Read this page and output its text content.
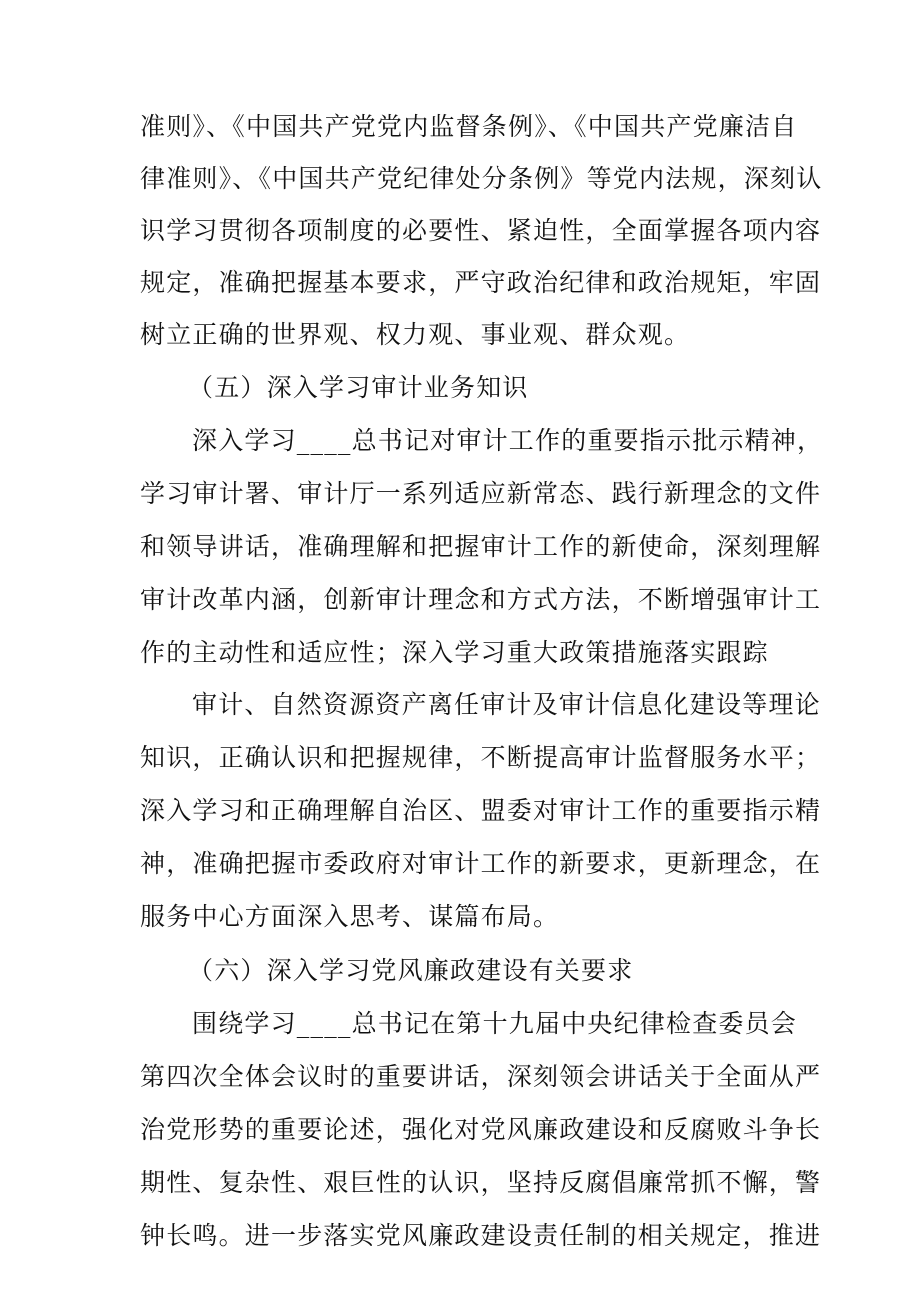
准则》、《中国共产党党内监督条例》、《中国共产党廉洁自
律准则》、《中国共产党纪律处分条例》等党内法规，深刻认
识学习贯彻各项制度的必要性、紧迫性，全面掌握各项内容
规定，准确把握基本要求，严守政治纪律和政治规矩，牢固
树立正确的世界观、权力观、事业观、群众观。
（五）深入学习审计业务知识
深入学习____总书记对审计工作的重要指示批示精神，
学习审计署、审计厅一系列适应新常态、践行新理念的文件
和领导讲话，准确理解和把握审计工作的新使命，深刻理解
审计改革内涵，创新审计理念和方式方法，不断增强审计工
作的主动性和适应性；深入学习重大政策措施落实跟踪
审计、自然资源资产离任审计及审计信息化建设等理论
知识，正确认识和把握规律，不断提高审计监督服务水平；
深入学习和正确理解自治区、盟委对审计工作的重要指示精
神，准确把握市委政府对审计工作的新要求，更新理念，在
服务中心方面深入思考、谋篇布局。
（六）深入学习党风廉政建设有关要求
围绕学习____总书记在第十九届中央纪律检查委员会
第四次全体会议时的重要讲话，深刻领会讲话关于全面从严
治党形势的重要论述，强化对党风廉政建设和反腐败斗争长
期性、复杂性、艰巨性的认识，坚持反腐倡廉常抓不懈，警
钟长鸣。进一步落实党风廉政建设责任制的相关规定，推进
